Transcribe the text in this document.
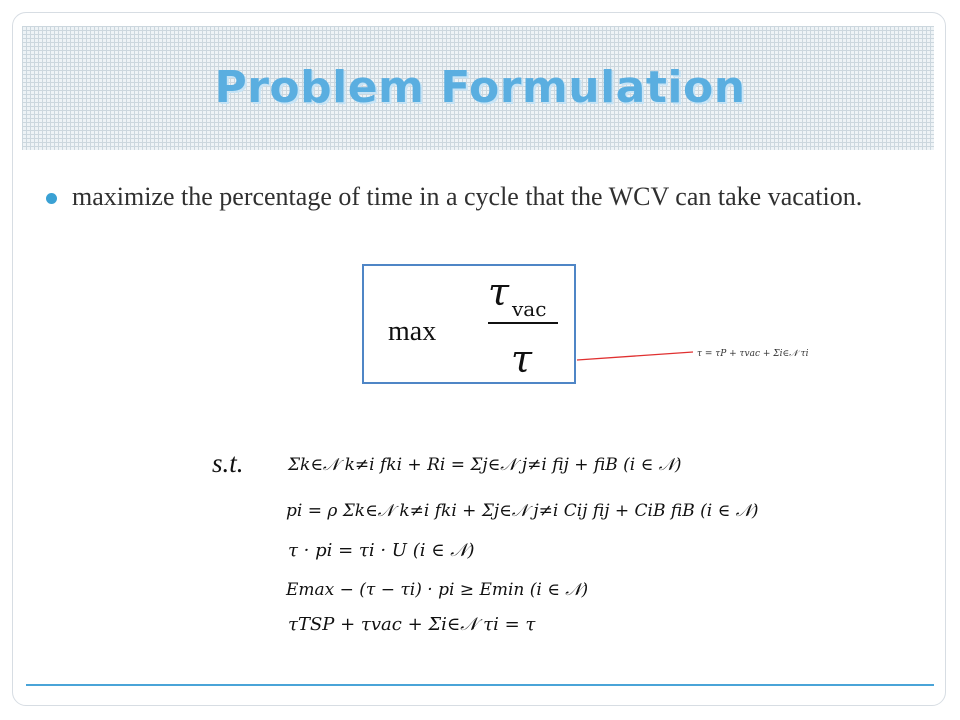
Problem Formulation
maximize the percentage of time in a cycle that the WCV can take vacation.
max
τ vac
τ	τ = τP + τvac + Σi∈𝒩 τi
s.t.	Σk∈𝒩 k≠i fki + Ri = Σj∈𝒩 j≠i fij + fiB (i ∈ 𝒩)
pi = ρ Σk∈𝒩 k≠i fki + Σj∈𝒩 j≠i Cij fij + CiB fiB (i ∈ 𝒩)
τ · pi = τi · U (i ∈ 𝒩)
Emax − (τ − τi) · pi ≥ Emin (i ∈ 𝒩)
τTSP + τvac + Σi∈𝒩 τi = τ
